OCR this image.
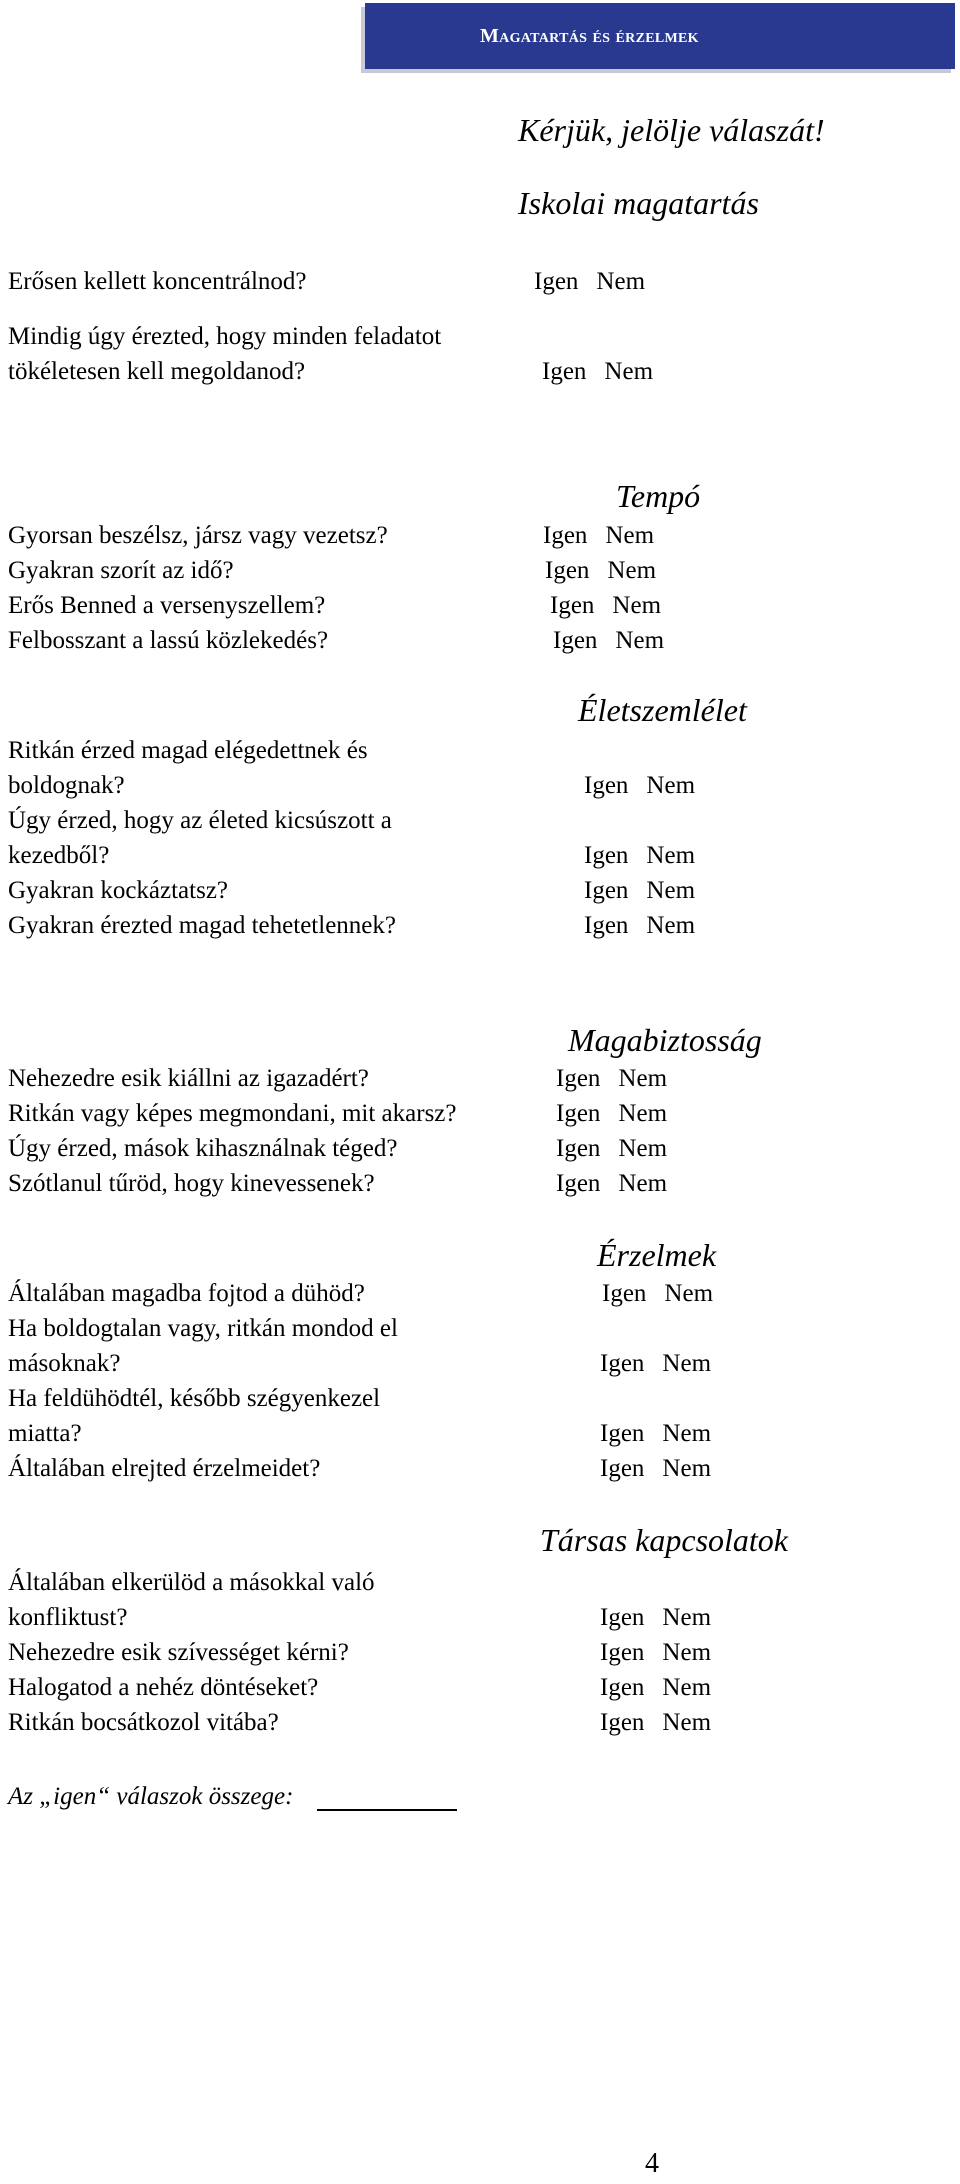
Magatartás és érzelmek
Kérjük, jelölje válaszát!
Iskolai magatartás
Erősen kellett koncentrálnod?	Igen Nem
Mindig úgy érezted, hogy minden feladatot tökéletesen kell megoldanod?	Igen Nem
Tempó
Gyorsan beszélsz, jársz vagy vezetsz?	Igen Nem
Gyakran szorít az idő?	Igen Nem
Erős Benned a versenyszellem?	Igen Nem
Felbosszant a lassú közlekedés?	Igen Nem
Életszemlélet
Ritkán érzed magad elégedettnek és boldognak?	Igen Nem
Úgy érzed, hogy az életed kicsúszott a kezedből?	Igen Nem
Gyakran kockáztatsz?	Igen Nem
Gyakran érezted magad tehetetlennek?	Igen Nem
Magabiztosság
Nehezedre esik kiállni az igazadért?	Igen Nem
Ritkán vagy képes megmondani, mit akarsz?	Igen Nem
Úgy érzed, mások kihasználnak téged?	Igen Nem
Szótlanul tűröd, hogy kinevessenek?	Igen Nem
Érzelmek
Általában magadba fojtod a dühöd?	Igen Nem
Ha boldogtalan vagy, ritkán mondod el másoknak?	Igen Nem
Ha feldühödtél, később szégyenkezel miatta?	Igen Nem
Általában elrejted érzelmeidet?	Igen Nem
Társas kapcsolatok
Általában elkerülöd a másokkal való konfliktust?	Igen Nem
Nehezedre esik szívességet kérni?	Igen Nem
Halogatod a nehéz döntéseket?	Igen Nem
Ritkán bocsátkozol vitába?	Igen Nem
Az „igen“ válaszok összege:
4
